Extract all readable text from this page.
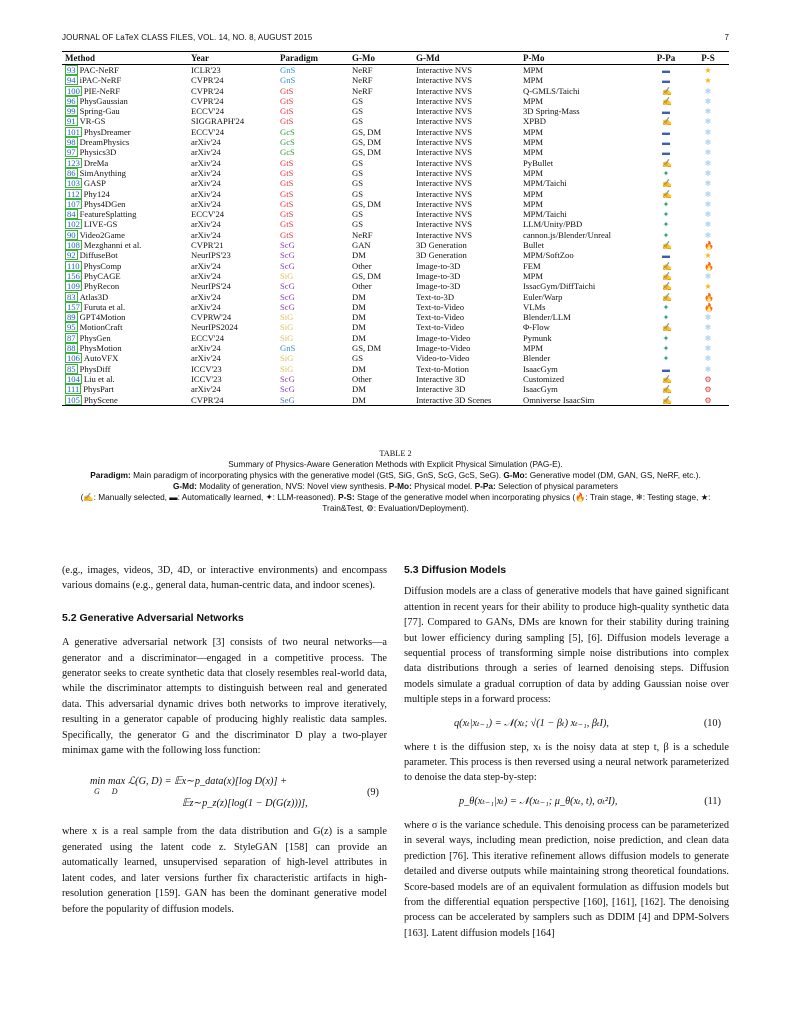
JOURNAL OF LaTeX CLASS FILES, VOL. 14, NO. 8, AUGUST 2015	7
Method	Year	Paradigm	G-Mo	G-Md	P-Mo	P-Pa	P-S
93 PAC-NeRF	ICLR'23	GnS	NeRF	Interactive NVS	MPM	▬	★
94 iPAC-NeRF	CVPR'24	GnS	NeRF	Interactive NVS	MPM	▬	★
100 PIE-NeRF	CVPR'24	GtS	NeRF	Interactive NVS	Q-GMLS/Taichi	✍	❄
96 PhysGaussian	CVPR'24	GtS	GS	Interactive NVS	MPM	✍	❄
99 Spring-Gau	ECCV'24	GtS	GS	Interactive NVS	3D Spring-Mass	▬	❄
91 VR-GS	SIGGRAPH'24	GtS	GS	Interactive NVS	XPBD	✍	❄
101 PhysDreamer	ECCV'24	GcS	GS, DM	Interactive NVS	MPM	▬	❄
98 DreamPhysics	arXiv'24	GcS	GS, DM	Interactive NVS	MPM	▬	❄
97 Physics3D	arXiv'24	GcS	GS, DM	Interactive NVS	MPM	▬	❄
123 DreMa	arXiv'24	GtS	GS	Interactive NVS	PyBullet	✍	❄
86 SimAnything	arXiv'24	GtS	GS	Interactive NVS	MPM	✦	❄
103 GASP	arXiv'24	GtS	GS	Interactive NVS	MPM/Taichi	✍	❄
112 Phy124	arXiv'24	GtS	GS	Interactive NVS	MPM	✍	❄
107 Phys4DGen	arXiv'24	GtS	GS, DM	Interactive NVS	MPM	✦	❄
84 FeatureSplatting	ECCV'24	GtS	GS	Interactive NVS	MPM/Taichi	✦	❄
102 LIVE-GS	arXiv'24	GtS	GS	Interactive NVS	LLM/Unity/PBD	✦	❄
90 Video2Game	arXiv'24	GtS	NeRF	Interactive NVS	cannon.js/Blender/Unreal	✦	❄
108 Mezghanni et al.	CVPR'21	ScG	GAN	3D Generation	Bullet	✍	🔥
92 DiffuseBot	NeurIPS'23	ScG	DM	3D Generation	MPM/SoftZoo	▬	★
110 PhysComp	arXiv'24	ScG	Other	Image-to-3D	FEM	✍	🔥
156 PhyCAGE	arXiv'24	SiG	GS, DM	Image-to-3D	MPM	✍	❄
109 PhyRecon	NeurIPS'24	ScG	Other	Image-to-3D	IssacGym/DiffTaichi	✍	★
83 Atlas3D	arXiv'24	ScG	DM	Text-to-3D	Euler/Warp	✍	🔥
157 Furuta et al.	arXiv'24	ScG	DM	Text-to-Video	VLMs	✦	🔥
89 GPT4Motion	CVPRW'24	SiG	DM	Text-to-Video	Blender/LLM	✦	❄
95 MotionCraft	NeurIPS2024	SiG	DM	Text-to-Video	Φ-Flow	✍	❄
87 PhysGen	ECCV'24	SiG	DM	Image-to-Video	Pymunk	✦	❄
88 PhysMotion	arXiv'24	GnS	GS, DM	Image-to-Video	MPM	✦	❄
106 AutoVFX	arXiv'24	SiG	GS	Video-to-Video	Blender	✦	❄
85 PhysDiff	ICCV'23	SiG	DM	Text-to-Motion	IsaacGym	▬	❄
104 Liu et al.	ICCV'23	ScG	Other	Interactive 3D	Customized	✍	⚙
111 PhysPart	arXiv'24	ScG	DM	Interactive 3D	IsaacGym	✍	⚙
105 PhyScene	CVPR'24	SeG	DM	Interactive 3D Scenes	Omniverse IsaacSim	✍	⚙
TABLE 2
Summary of Physics-Aware Generation Methods with Explicit Physical Simulation (PAG-E).
Paradigm: Main paradigm of incorporating physics with the generative model (GtS, SiG, GnS, ScG, GcS, SeG). G-Mo: Generative model (DM, GAN, GS, NeRF, etc.).
G-Md: Modality of generation, NVS: Novel view synthesis. P-Mo: Physical model. P-Pa: Selection of physical parameters
(✍: Manually selected, ▬: Automatically learned, ✦: LLM-reasoned). P-S: Stage of the generative model when incorporating physics (🔥: Train stage, ❄: Testing stage, ★: Train&Test, ⚙: Evaluation/Deployment).

(e.g., images, videos, 3D, 4D, or interactive environments) and encompass various domains (e.g., general data, human-centric data, and indoor scenes).

5.2 Generative Adversarial Networks

A generative adversarial network [3] consists of two neural networks—a generator and a discriminator—engaged in a competitive process. The generator seeks to create synthetic data that closely resembles real-world data, while the discriminator attempts to distinguish between real and generated data. This adversarial dynamic drives both networks to improve iteratively, resulting in a generator capable of producing highly realistic data samples. Specifically, the generator G and the discriminator D play a two-player minimax game with the following loss function:

min max ℒ(G, D) = 𝔼x∼p_data(x)[log D(x)] +
G      D
𝔼z∼p_z(z)[log(1 − D(G(z)))],
(9)

where x is a real sample from the data distribution and G(z) is a sample generated using the latent code z. StyleGAN [158] can provide an automatically learned, unsupervised separation of high-level attributes in latent codes, and later versions further fix characteristic artifacts in high-resolution generation [159]. GAN has been the dominant generative model before the popularity of diffusion models.

5.3 Diffusion Models

Diffusion models are a class of generative models that have gained significant attention in recent years for their ability to produce high-quality synthetic data [77]. Compared to GANs, DMs are known for their stability during training but lower efficiency during sampling [5], [6]. Diffusion models leverage a sequential process of transforming simple noise distributions into complex data distributions through a series of learned denoising steps. Diffusion models simulate a gradual corruption of data by adding Gaussian noise over multiple steps in a forward process:

q(xₜ|xₜ₋₁) = 𝒩(xₜ; √(1 − βₜ) xₜ₋₁, βₜI),	(10)

where t is the diffusion step, xₜ is the noisy data at step t, β is a schedule parameter. This process is then reversed using a neural network parameterized to denoise the data step-by-step:

p_θ(xₜ₋₁|xₜ) = 𝒩(xₜ₋₁; μ_θ(xₜ, t), σₜ²I),	(11)

where σ is the variance schedule. This denoising process can be parameterized in several ways, including mean prediction, noise prediction, and clean data prediction [76]. This iterative refinement allows diffusion models to generate detailed and diverse outputs while maintaining strong theoretical foundations. Score-based models are of an equivalent formulation as diffusion models but from the differential equation perspective [160], [161], [162]. The denoising process can be accelerated by samplers such as DDIM [4] and DPM-Solvers [163]. Latent diffusion models [164]
